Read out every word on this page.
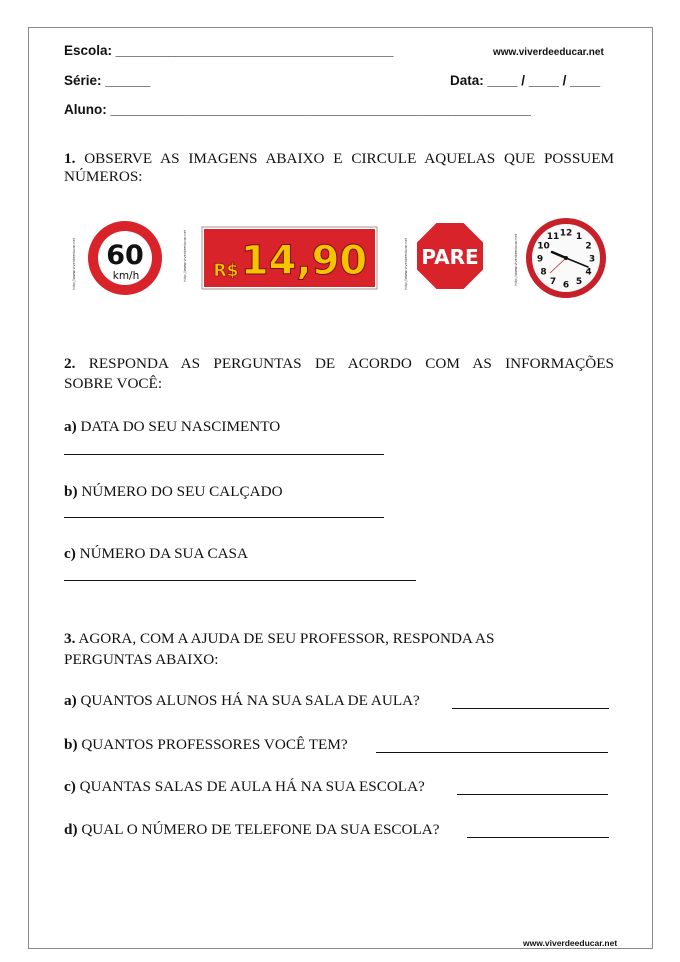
Escola: _____________________________________	www.viverdeeducar.net
Série: ______	Data: ____ / ____ / ____
Aluno: ________________________________________________________
1. OBSERVE AS IMAGENS ABAIXO E CIRCULE AQUELAS QUE POSSUEM
NÚMEROS:
http://www.viverdeeducar.net 60
km/h	http://www.viverdeeducar.net R$ 14,90	http://www.viverdeeducar.net PARE	http://www.viverdeeducar.net
12 1
2
3
4
5
6
7
8
9
10
11
2. RESPONDA AS PERGUNTAS DE ACORDO COM AS INFORMAÇÕES
SOBRE VOCÊ:
a) DATA DO SEU NASCIMENTO
b) NÚMERO DO SEU CALÇADO
c) NÚMERO DA SUA CASA
3. AGORA, COM A AJUDA DE SEU PROFESSOR, RESPONDA AS
PERGUNTAS ABAIXO:
a) QUANTOS ALUNOS HÁ NA SUA SALA DE AULA?
b) QUANTOS PROFESSORES VOCÊ TEM?
c) QUANTAS SALAS DE AULA HÁ NA SUA ESCOLA?
d) QUAL O NÚMERO DE TELEFONE DA SUA ESCOLA?
www.viverdeeducar.net
